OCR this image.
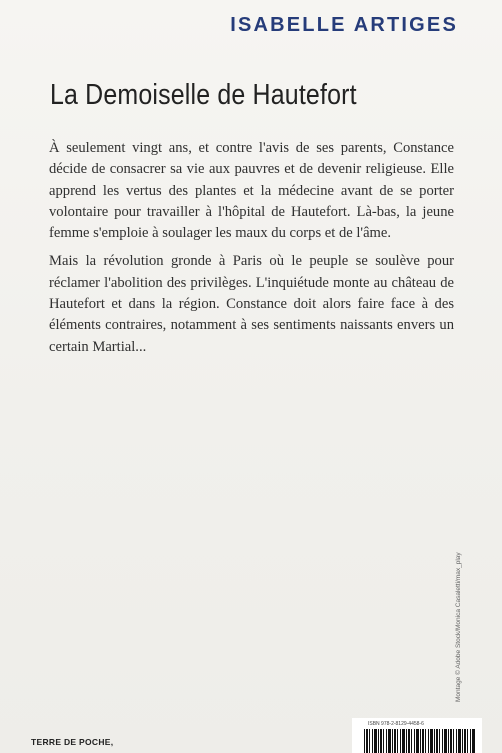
ISABELLE ARTIGES
La Demoiselle de Hautefort

À seulement vingt ans, et contre l'avis de ses parents, Constance décide de consacrer sa vie aux pauvres et de devenir religieuse. Elle apprend les vertus des plantes et la médecine avant de se porter volontaire pour travailler à l'hôpital de Hautefort. Là-bas, la jeune femme s'emploie à soulager les maux du corps et de l'âme.

Mais la révolution gronde à Paris où le peuple se soulève pour réclamer l'abolition des privilèges. L'inquiétude monte au château de Hautefort et dans la région. Constance doit alors faire face à des éléments contraires, notamment à ses sentiments naissants envers un certain Martial...

Montage © Adobe Stock/Monica Casaletti/max_play
TERRE DE POCHE,
ISBN 978-2-8129-4458-6
